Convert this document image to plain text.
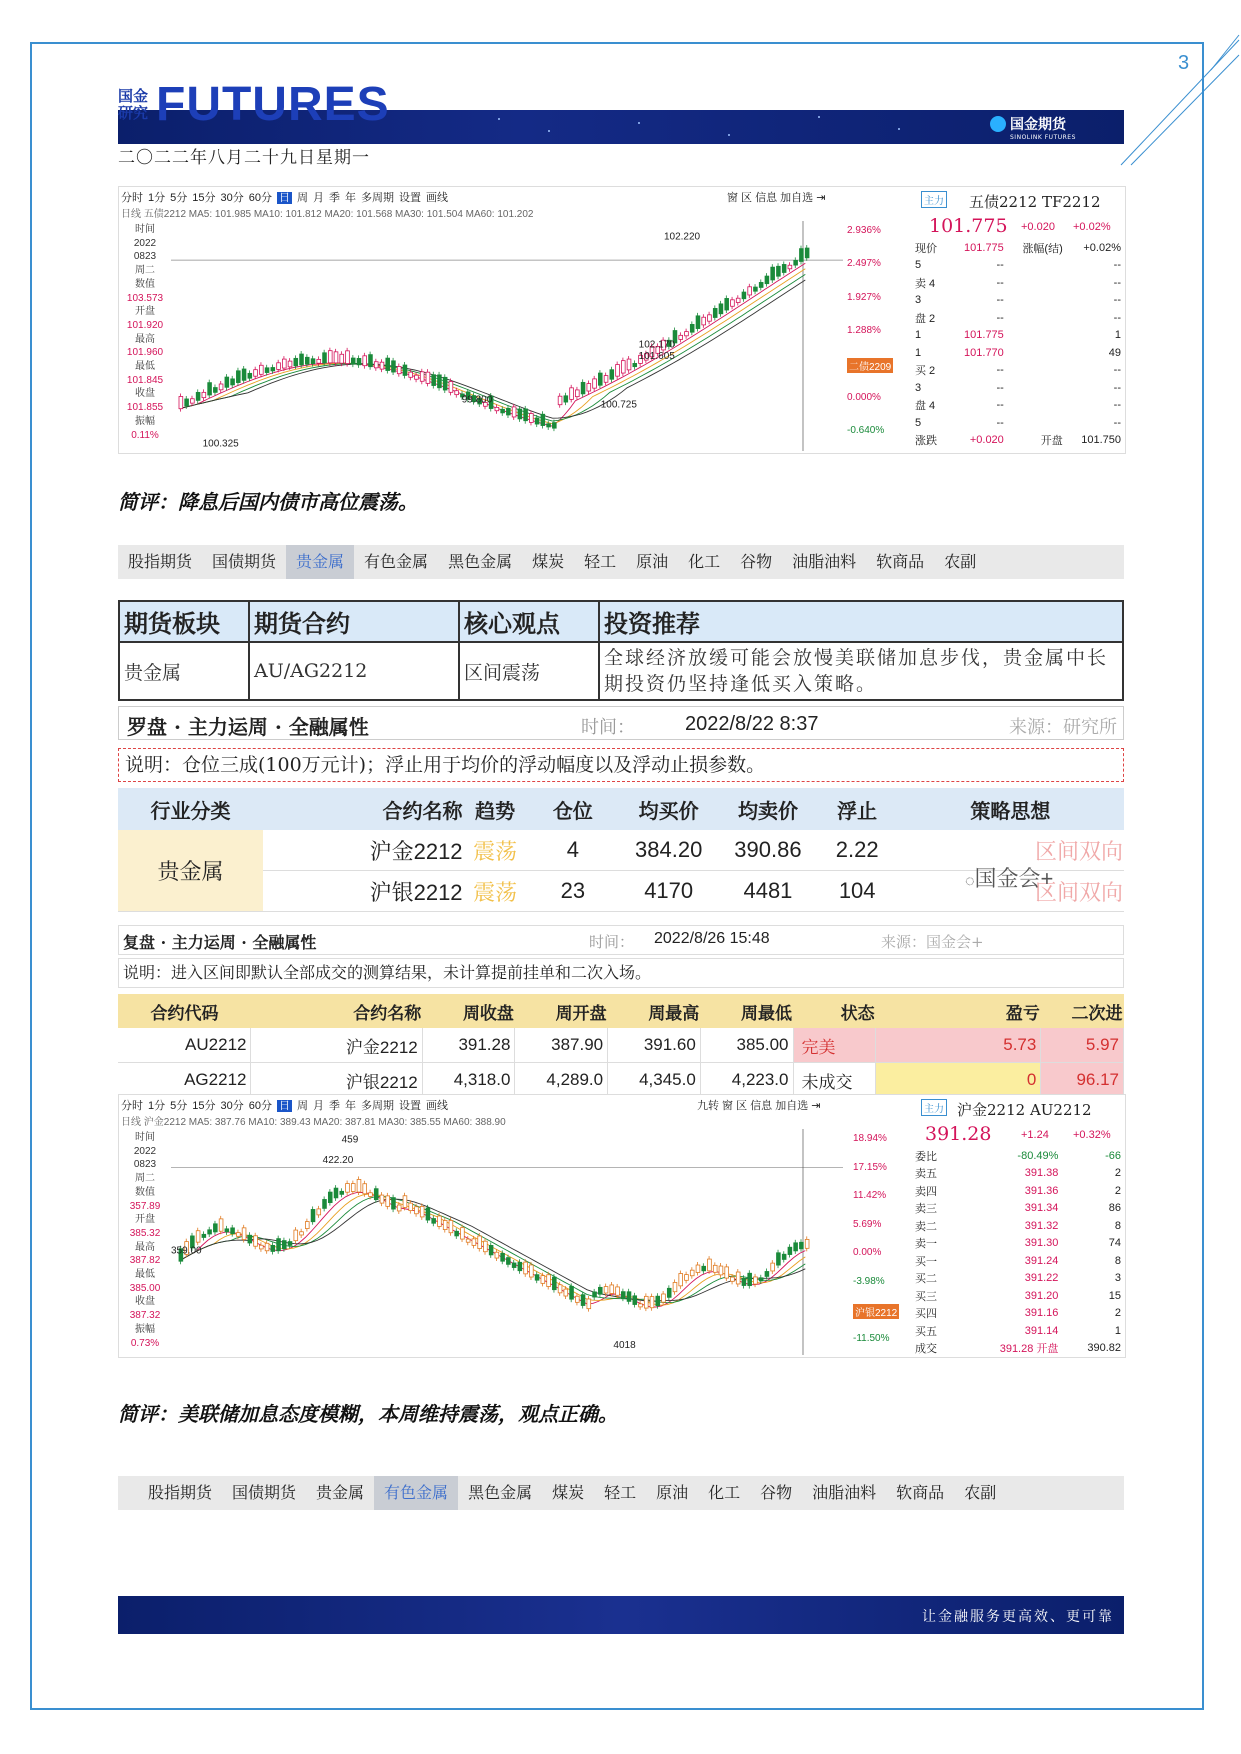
3
国金
研究 FUTURES	国金期货
SINOLINK FUTURES
二〇二二年八月二十九日星期一
分时 1分 5分 15分 30分 60分 日 周 月 季 年 多周期 设置 画线	窗 区 信息 加自选 ⇥
日线 五债2212 MA5: 101.985 MA10: 101.812 MA20: 101.568 MA30: 101.504 MA60: 101.202
时间
2022
0823
周二
数值
103.573
开盘
101.920
最高
101.960
最低
101.845
收盘
101.855
振幅
0.11%
102.220
102.170
101.605
99.800
100.325
100.725
2.936%
2.497%
1.927%
1.288%
二债2209
0.000%
-0.640%
主力 五债2212 TF2212
101.775 +0.020 +0.02%
现价	101.775	涨幅(结)	+0.02%
5	--		--
卖 4	--		--
3	--		--
盘 2	--		--
1	101.775		1
1	101.770		49
买 2	--		--
3	--		--
盘 4	--		--
5	--		--
涨跌	+0.020	开盘	101.750
简评：降息后国内债市高位震荡。
股指期货	国债期货	贵金属	有色金属	黑色金属	煤炭	轻工	原油	化工	谷物	油脂油料	软商品	农副
期货板块	期货合约	核心观点	投资推荐
贵金属	AU/AG2212	区间震荡	全球经济放缓可能会放慢美联储加息步伐，贵金属中长期投资仍坚持逢低买入策略。
罗盘 · 主力运周 · 全融属性	时间：	2022/8/22 8:37	来源：研究所
说明：仓位三成(100万元计)；浮止用于均价的浮动幅度以及浮动止损参数。
行业分类	合约名称	趋势	仓位	均买价	均卖价	浮止	策略思想
贵金属	沪金2212	震荡	4	384.20	390.86	2.22	区间双向
	沪银2212	震荡	23	4170	4481	104	区间双向
◌国金会+
复盘 · 主力运周 · 全融属性	时间： 2022/8/26 15:48	来源：国金会+
说明：进入区间即默认全部成交的测算结果，未计算提前挂单和二次入场。
合约代码	合约名称	周收盘	周开盘	周最高	周最低	状态	盈亏	二次进
AU2212	沪金2212	391.28	387.90	391.60	385.00	完美	5.73	5.97
AG2212	沪银2212	4,318.0	4,289.0	4,345.0	4,223.0	未成交	0	96.17
分时 1分 5分 15分 30分 60分 日 周 月 季 年 多周期 设置 画线	九转 窗 区 信息 加自选 ⇥
日线 沪金2212 MA5: 387.76 MA10: 389.43 MA20: 387.81 MA30: 385.55 MA60: 388.90
时间
2022
0823
周二
数值
357.89
开盘
385.32
最高
387.82
最低
385.00
收盘
387.32
振幅
0.73%
459
422.20
359.00
4018
18.94%
17.15%
11.42%
5.69%
0.00%
-3.98%
沪银2212
-11.50%
主力 沪金2212 AU2212
391.28	+1.24 +0.32%
委比	-80.49%	-66
卖五	391.38	2
卖四	391.36	2
卖三	391.34	86
卖二	391.32	8
卖一	391.30	74
买一	391.24	8
买二	391.22	3
买三	391.20	15
买四	391.16	2
买五	391.14	1
成交	391.28 开盘	390.82
简评：美联储加息态度模糊，本周维持震荡，观点正确。
股指期货	国债期货	贵金属	有色金属	黑色金属	煤炭	轻工	原油	化工	谷物	油脂油料	软商品	农副
让金融服务更高效、更可靠
